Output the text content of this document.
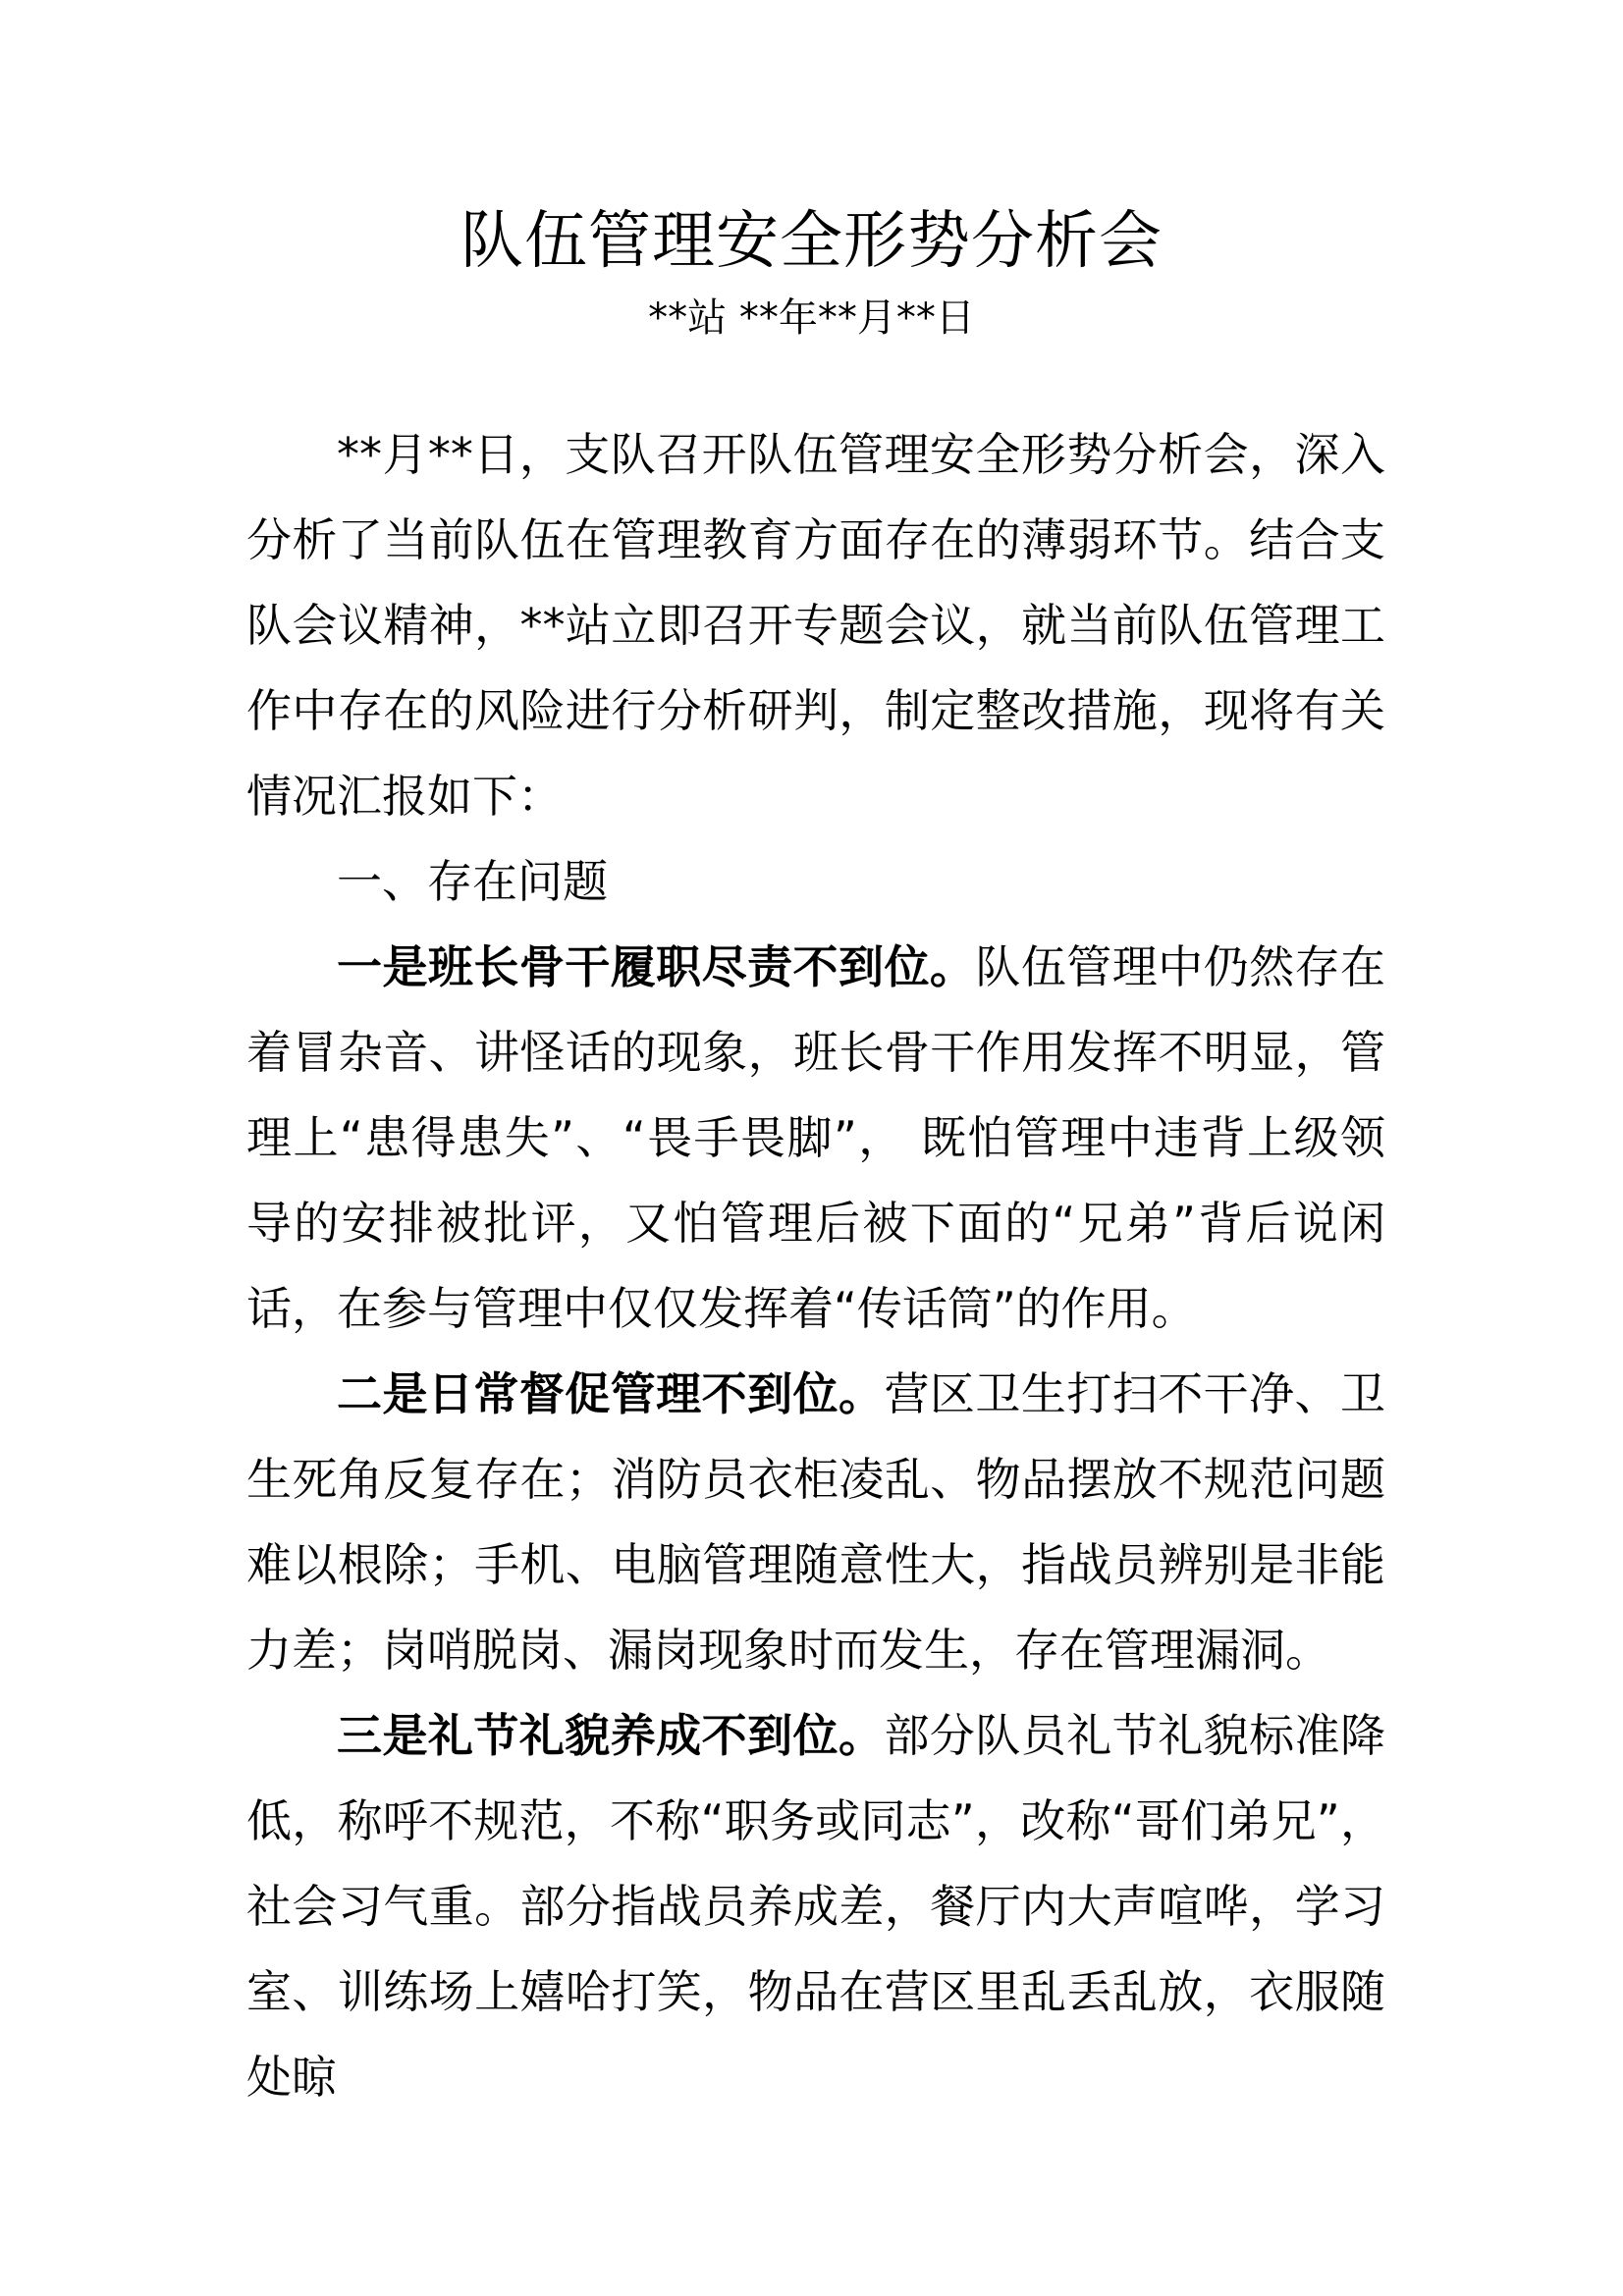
队伍管理安全形势分析会
**站 **年**月**日

**月**日，支队召开队伍管理安全形势分析会，深入分析了当前队伍在管理教育方面存在的薄弱环节。结合支队会议精神，**站立即召开专题会议，就当前队伍管理工作中存在的风险进行分析研判，制定整改措施，现将有关情况汇报如下：

一、存在问题

一是班长骨干履职尽责不到位。队伍管理中仍然存在着冒杂音、讲怪话的现象，班长骨干作用发挥不明显，管理上“患得患失”、“畏手畏脚”， 既怕管理中违背上级领导的安排被批评，又怕管理后被下面的“兄弟”背后说闲话，在参与管理中仅仅发挥着“传话筒”的作用。

二是日常督促管理不到位。营区卫生打扫不干净、卫生死角反复存在；消防员衣柜凌乱、物品摆放不规范问题难以根除；手机、电脑管理随意性大，指战员辨别是非能力差；岗哨脱岗、漏岗现象时而发生，存在管理漏洞。

三是礼节礼貌养成不到位。部分队员礼节礼貌标准降低，称呼不规范，不称“职务或同志”，改称“哥们弟兄”，社会习气重。部分指战员养成差，餐厅内大声喧哗，学习室、训练场上嬉哈打笑，物品在营区里乱丢乱放，衣服随处晾
